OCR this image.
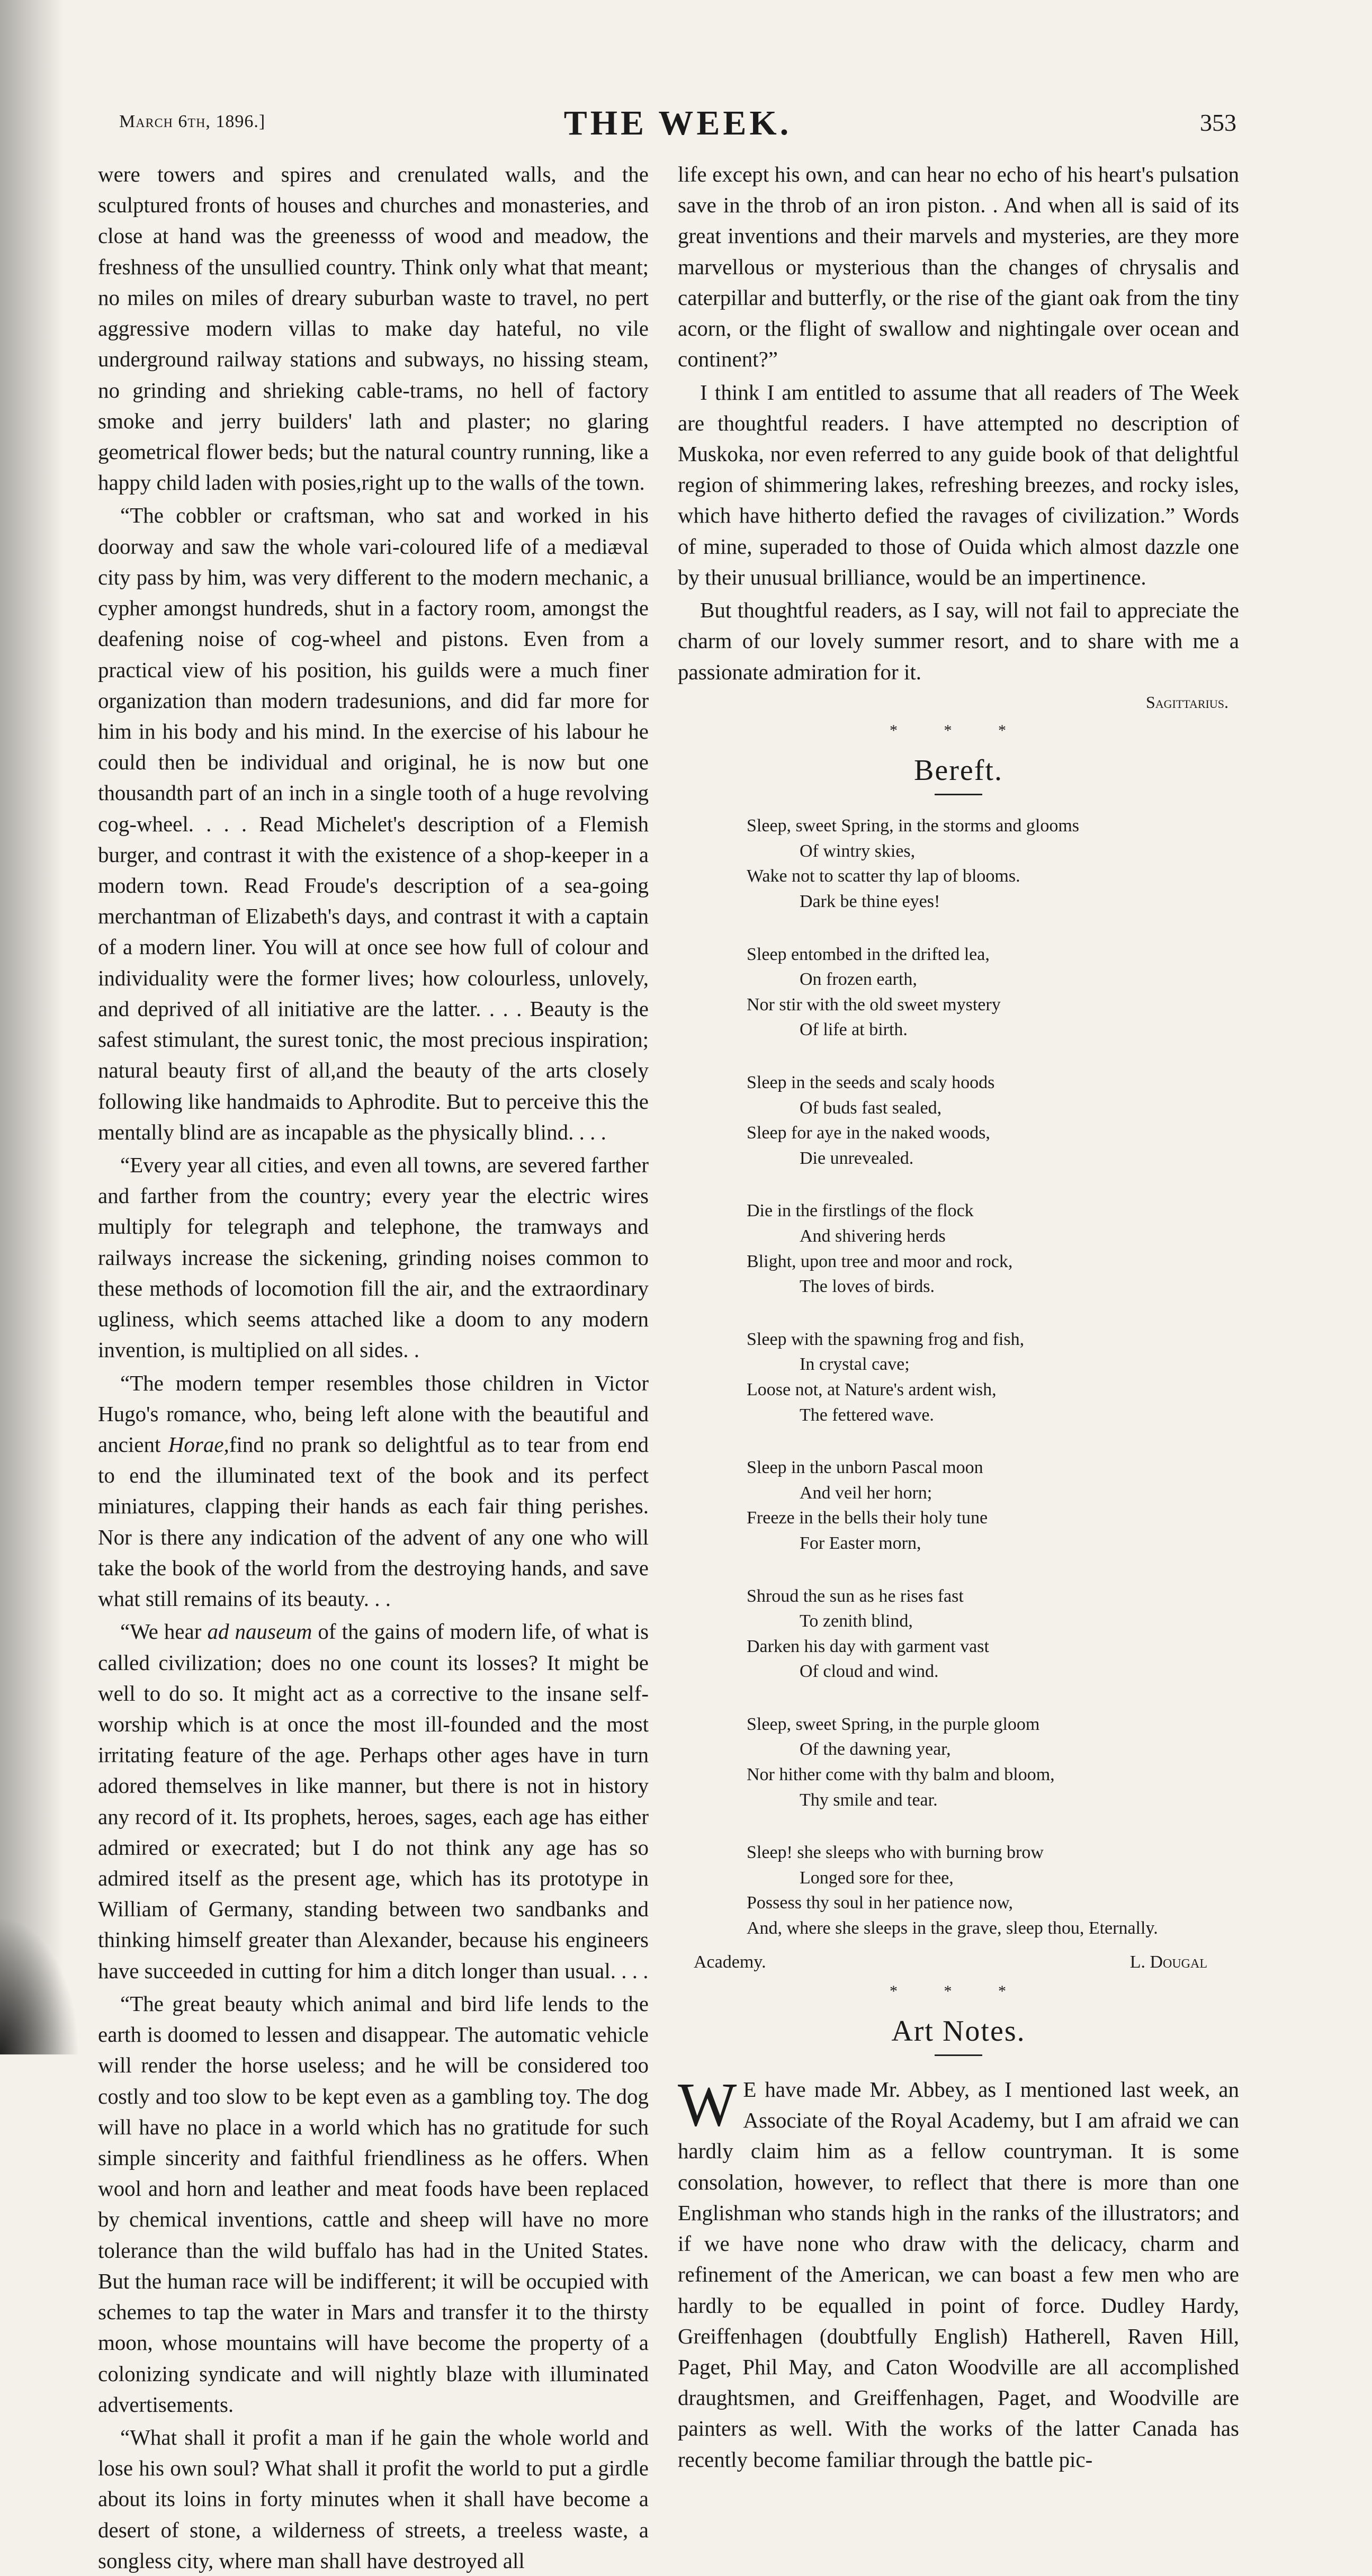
March 6th, 1896.]	THE WEEK.	353

were towers and spires and crenulated walls, and the sculptured fronts of houses and churches and monasteries, and close at hand was the greenesss of wood and meadow, the freshness of the unsullied country. Think only what that meant; no miles on miles of dreary suburban waste to travel, no pert aggressive modern villas to make day hateful, no vile underground railway stations and subways, no hissing steam, no grinding and shrieking cable-trams, no hell of factory smoke and jerry builders' lath and plaster; no glaring geometrical flower beds; but the natural country running, like a happy child laden with posies,right up to the walls of the town.

“The cobbler or craftsman, who sat and worked in his doorway and saw the whole vari-coloured life of a mediæval city pass by him, was very different to the modern mechanic, a cypher amongst hundreds, shut in a factory room, amongst the deafening noise of cog-wheel and pistons. Even from a practical view of his position, his guilds were a much finer organization than modern tradesunions, and did far more for him in his body and his mind. In the exercise of his labour he could then be individual and original, he is now but one thousandth part of an inch in a single tooth of a huge revolving cog-wheel. . . . Read Michelet's description of a Flemish burger, and contrast it with the existence of a shop-keeper in a modern town. Read Froude's description of a sea-going merchantman of Elizabeth's days, and contrast it with a captain of a modern liner. You will at once see how full of colour and individuality were the former lives; how colourless, unlovely, and deprived of all initiative are the latter. . . . Beauty is the safest stimulant, the surest tonic, the most precious inspiration; natural beauty first of all,and the beauty of the arts closely following like handmaids to Aphrodite. But to perceive this the mentally blind are as incapable as the physically blind. . . .

“Every year all cities, and even all towns, are severed farther and farther from the country; every year the electric wires multiply for telegraph and telephone, the tramways and railways increase the sickening, grinding noises common to these methods of locomotion fill the air, and the extraordinary ugliness, which seems attached like a doom to any modern invention, is multiplied on all sides. .

“The modern temper resembles those children in Victor Hugo's romance, who, being left alone with the beautiful and ancient Horae,find no prank so delightful as to tear from end to end the illuminated text of the book and its perfect miniatures, clapping their hands as each fair thing perishes. Nor is there any indication of the advent of any one who will take the book of the world from the destroying hands, and save what still remains of its beauty. . .

“We hear ad nauseum of the gains of modern life, of what is called civilization; does no one count its losses? It might be well to do so. It might act as a corrective to the insane self-worship which is at once the most ill-founded and the most irritating feature of the age. Perhaps other ages have in turn adored themselves in like manner, but there is not in history any record of it. Its prophets, heroes, sages, each age has either admired or execrated; but I do not think any age has so admired itself as the present age, which has its prototype in William of Germany, standing between two sandbanks and thinking himself greater than Alexander, because his engineers have succeeded in cutting for him a ditch longer than usual. . . .

“The great beauty which animal and bird life lends to the earth is doomed to lessen and disappear. The automatic vehicle will render the horse useless; and he will be considered too costly and too slow to be kept even as a gambling toy. The dog will have no place in a world which has no gratitude for such simple sincerity and faithful friendliness as he offers. When wool and horn and leather and meat foods have been replaced by chemical inventions, cattle and sheep will have no more tolerance than the wild buffalo has had in the United States. But the human race will be indifferent; it will be occupied with schemes to tap the water in Mars and transfer it to the thirsty moon, whose mountains will have become the property of a colonizing syndicate and will nightly blaze with illuminated advertisements.

“What shall it profit a man if he gain the whole world and lose his own soul? What shall it profit the world to put a girdle about its loins in forty minutes when it shall have become a desert of stone, a wilderness of streets, a treeless waste, a songless city, where man shall have destroyed all

life except his own, and can hear no echo of his heart's pulsation save in the throb of an iron piston. . And when all is said of its great inventions and their marvels and mysteries, are they more marvellous or mysterious than the changes of chrysalis and caterpillar and butterfly, or the rise of the giant oak from the tiny acorn, or the flight of swallow and nightingale over ocean and continent?”

I think I am entitled to assume that all readers of The Week are thoughtful readers. I have attempted no description of Muskoka, nor even referred to any guide book of that delightful region of shimmering lakes, refreshing breezes, and rocky isles, which have hitherto defied the ravages of civilization.” Words of mine, superaded to those of Ouida which almost dazzle one by their unusual brilliance, would be an impertinence.

But thoughtful readers, as I say, will not fail to appreciate the charm of our lovely summer resort, and to share with me a passionate admiration for it.

Sagittarius.
* * *
Bereft.
Sleep, sweet Spring, in the storms and glooms
Of wintry skies,
Wake not to scatter thy lap of blooms.
Dark be thine eyes!
Sleep entombed in the drifted lea,
On frozen earth,
Nor stir with the old sweet mystery
Of life at birth.
Sleep in the seeds and scaly hoods
Of buds fast sealed,
Sleep for aye in the naked woods,
Die unrevealed.
Die in the firstlings of the flock
And shivering herds
Blight, upon tree and moor and rock,
The loves of birds.
Sleep with the spawning frog and fish,
In crystal cave;
Loose not, at Nature's ardent wish,
The fettered wave.
Sleep in the unborn Pascal moon
And veil her horn;
Freeze in the bells their holy tune
For Easter morn,
Shroud the sun as he rises fast
To zenith blind,
Darken his day with garment vast
Of cloud and wind.
Sleep, sweet Spring, in the purple gloom
Of the dawning year,
Nor hither come with thy balm and bloom,
Thy smile and tear.
Sleep! she sleeps who with burning brow
Longed sore for thee,
Possess thy soul in her patience now,
And, where she sleeps in the grave, sleep thou, Eternally.
Academy.	L. Dougal
* * *
Art Notes.

W E have made Mr. Abbey, as I mentioned last week, an Associate of the Royal Academy, but I am afraid we can hardly claim him as a fellow countryman. It is some consolation, however, to reflect that there is more than one Englishman who stands high in the ranks of the illustrators; and if we have none who draw with the delicacy, charm and refinement of the American, we can boast a few men who are hardly to be equalled in point of force. Dudley Hardy, Greiffenhagen (doubtfully English) Hatherell, Raven Hill, Paget, Phil May, and Caton Woodville are all accomplished draughtsmen, and Greiffenhagen, Paget, and Woodville are painters as well. With the works of the latter Canada has recently become familiar through the battle pic-
